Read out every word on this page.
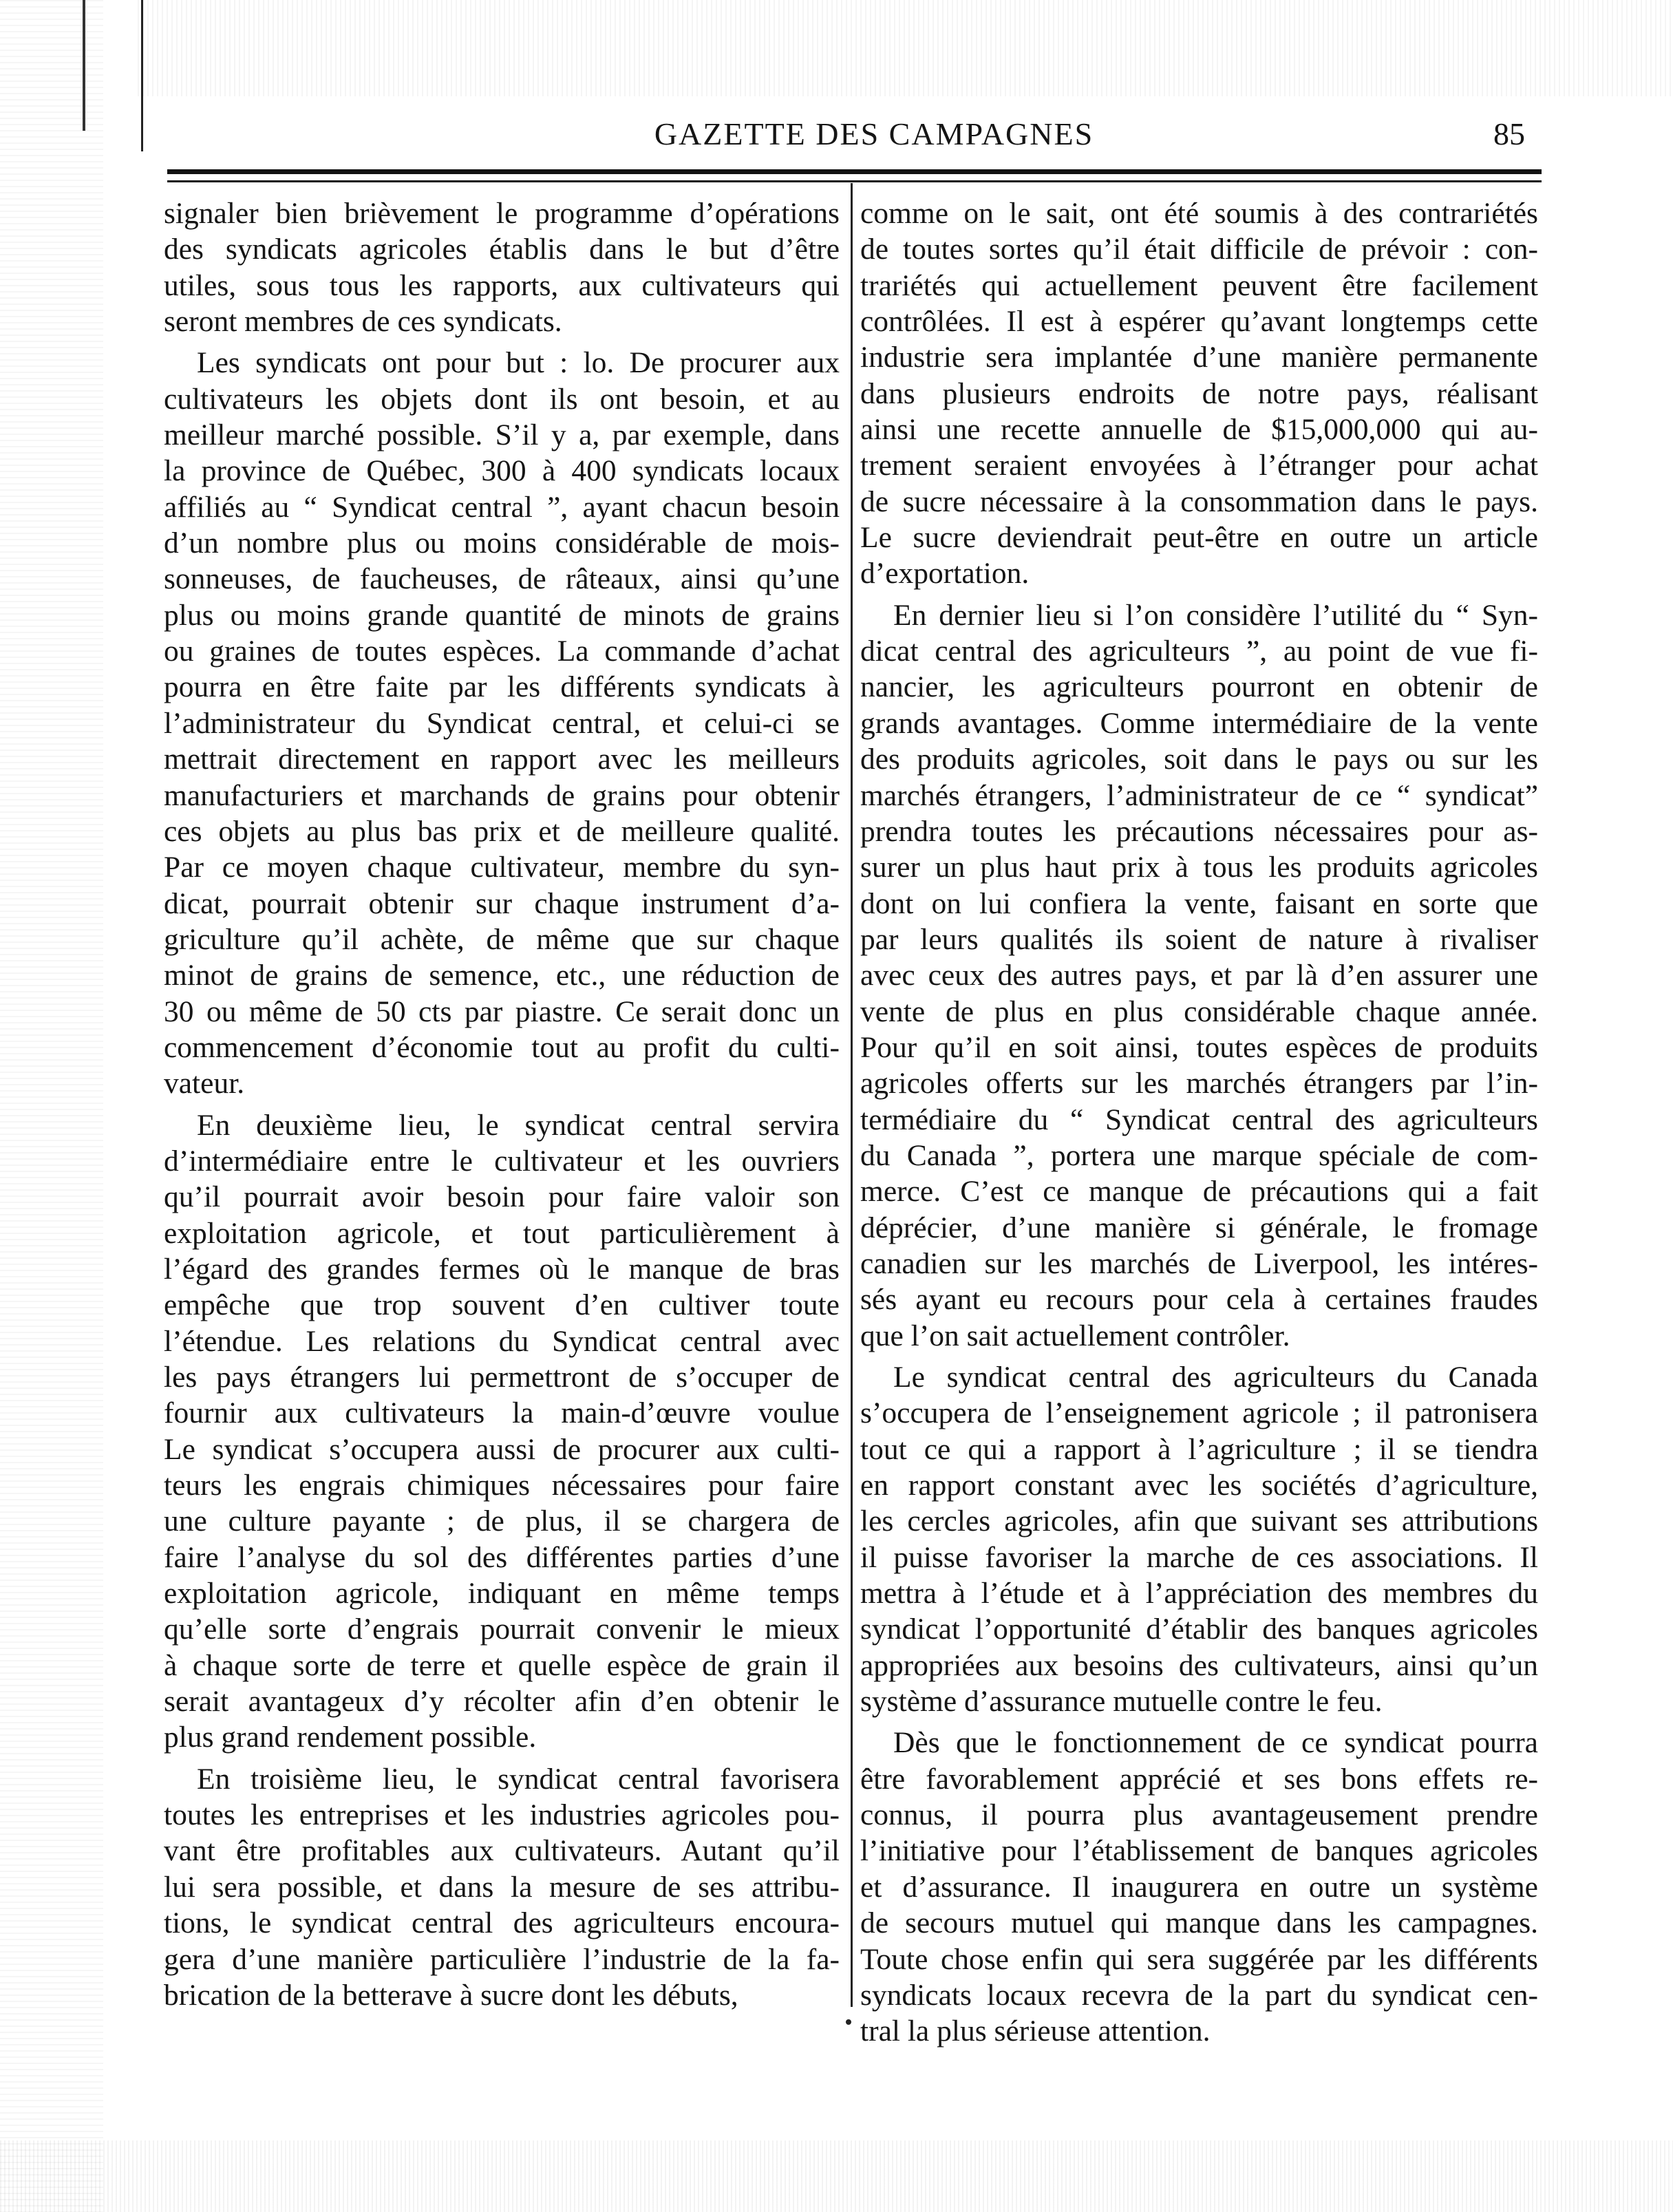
GAZETTE DES CAMPAGNES	85
signaler bien brièvement le programme d’opérations
des syndicats agricoles établis dans le but d’être
utiles, sous tous les rapports, aux cultivateurs qui
seront membres de ces syndicats.
Les syndicats ont pour but : lo. De procurer aux
cultivateurs les objets dont ils ont besoin, et au
meilleur marché possible. S’il y a, par exemple, dans
la province de Québec, 300 à 400 syndicats locaux
affiliés au “ Syndicat central ”, ayant chacun besoin
d’un nombre plus ou moins considérable de mois-
sonneuses, de faucheuses, de râteaux, ainsi qu’une
plus ou moins grande quantité de minots de grains
ou graines de toutes espèces. La commande d’achat
pourra en être faite par les différents syndicats à
l’administrateur du Syndicat central, et celui-ci se
mettrait directement en rapport avec les meilleurs
manufacturiers et marchands de grains pour obtenir
ces objets au plus bas prix et de meilleure qualité.
Par ce moyen chaque cultivateur, membre du syn-
dicat, pourrait obtenir sur chaque instrument d’a-
griculture qu’il achète, de même que sur chaque
minot de grains de semence, etc., une réduction de
30 ou même de 50 cts par piastre. Ce serait donc un
commencement d’économie tout au profit du culti-
vateur.
En deuxième lieu, le syndicat central servira
d’intermédiaire entre le cultivateur et les ouvriers
qu’il pourrait avoir besoin pour faire valoir son
exploitation agricole, et tout particulièrement à
l’égard des grandes fermes où le manque de bras
empêche que trop souvent d’en cultiver toute
l’étendue. Les relations du Syndicat central avec
les pays étrangers lui permettront de s’occuper de
fournir aux cultivateurs la main-d’œuvre voulue
Le syndicat s’occupera aussi de procurer aux culti-
teurs les engrais chimiques nécessaires pour faire
une culture payante ; de plus, il se chargera de
faire l’analyse du sol des différentes parties d’une
exploitation agricole, indiquant en même temps
qu’elle sorte d’engrais pourrait convenir le mieux
à chaque sorte de terre et quelle espèce de grain il
serait avantageux d’y récolter afin d’en obtenir le
plus grand rendement possible.
En troisième lieu, le syndicat central favorisera
toutes les entreprises et les industries agricoles pou-
vant être profitables aux cultivateurs. Autant qu’il
lui sera possible, et dans la mesure de ses attribu-
tions, le syndicat central des agriculteurs encoura-
gera d’une manière particulière l’industrie de la fa-
brication de la betterave à sucre dont les débuts,
comme on le sait, ont été soumis à des contrariétés
de toutes sortes qu’il était difficile de prévoir : con-
trariétés qui actuellement peuvent être facilement
contrôlées. Il est à espérer qu’avant longtemps cette
industrie sera implantée d’une manière permanente
dans plusieurs endroits de notre pays, réalisant
ainsi une recette annuelle de $15,000,000 qui au-
trement seraient envoyées à l’étranger pour achat
de sucre nécessaire à la consommation dans le pays.
Le sucre deviendrait peut-être en outre un article
d’exportation.
En dernier lieu si l’on considère l’utilité du “ Syn-
dicat central des agriculteurs ”, au point de vue fi-
nancier, les agriculteurs pourront en obtenir de
grands avantages. Comme intermédiaire de la vente
des produits agricoles, soit dans le pays ou sur les
marchés étrangers, l’administrateur de ce “ syndicat”
prendra toutes les précautions nécessaires pour as-
surer un plus haut prix à tous les produits agricoles
dont on lui confiera la vente, faisant en sorte que
par leurs qualités ils soient de nature à rivaliser
avec ceux des autres pays, et par là d’en assurer une
vente de plus en plus considérable chaque année.
Pour qu’il en soit ainsi, toutes espèces de produits
agricoles offerts sur les marchés étrangers par l’in-
termédiaire du “ Syndicat central des agriculteurs
du Canada ”, portera une marque spéciale de com-
merce. C’est ce manque de précautions qui a fait
déprécier, d’une manière si générale, le fromage
canadien sur les marchés de Liverpool, les intéres-
sés ayant eu recours pour cela à certaines fraudes
que l’on sait actuellement contrôler.
Le syndicat central des agriculteurs du Canada
s’occupera de l’enseignement agricole ; il patronisera
tout ce qui a rapport à l’agriculture ; il se tiendra
en rapport constant avec les sociétés d’agriculture,
les cercles agricoles, afin que suivant ses attributions
il puisse favoriser la marche de ces associations. Il
mettra à l’étude et à l’appréciation des membres du
syndicat l’opportunité d’établir des banques agricoles
appropriées aux besoins des cultivateurs, ainsi qu’un
système d’assurance mutuelle contre le feu.
Dès que le fonctionnement de ce syndicat pourra
être favorablement apprécié et ses bons effets re-
connus, il pourra plus avantageusement prendre
l’initiative pour l’établissement de banques agricoles
et d’assurance. Il inaugurera en outre un système
de secours mutuel qui manque dans les campagnes.
Toute chose enfin qui sera suggérée par les différents
syndicats locaux recevra de la part du syndicat cen-
tral la plus sérieuse attention.
